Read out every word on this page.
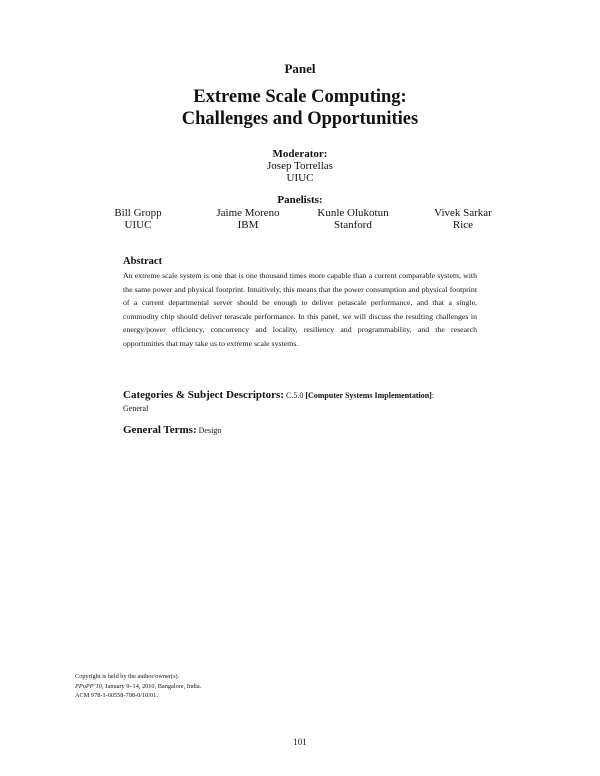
Panel
Extreme Scale Computing:
Challenges and Opportunities
Moderator:
Josep Torrellas
UIUC
Panelists:
Bill Gropp
UIUC
Jaime Moreno
IBM
Kunle Olukotun
Stanford
Vivek Sarkar
Rice
Abstract
An extreme scale system is one that is one thousand times more capable than a current comparable system, with the same power and physical footprint. Intuitively, this means that the power consumption and physical footprint of a current departmental server should be enough to deliver petascale performance, and that a single, commodity chip should deliver terascale performance. In this panel, we will discuss the resulting challenges in energy/power efficiency, concurrency and locality, resiliency and programmability, and the research opportunities that may take us to extreme scale systems.
Categories & Subject Descriptors: C.5.0 [Computer Systems Implementation]:
General
General Terms: Design
Copyright is held by the author/owner(s).
PPoPP’10, January 9–14, 2010, Bangalore, India.
ACM 978-1-60558-708-0/10/01.
101
